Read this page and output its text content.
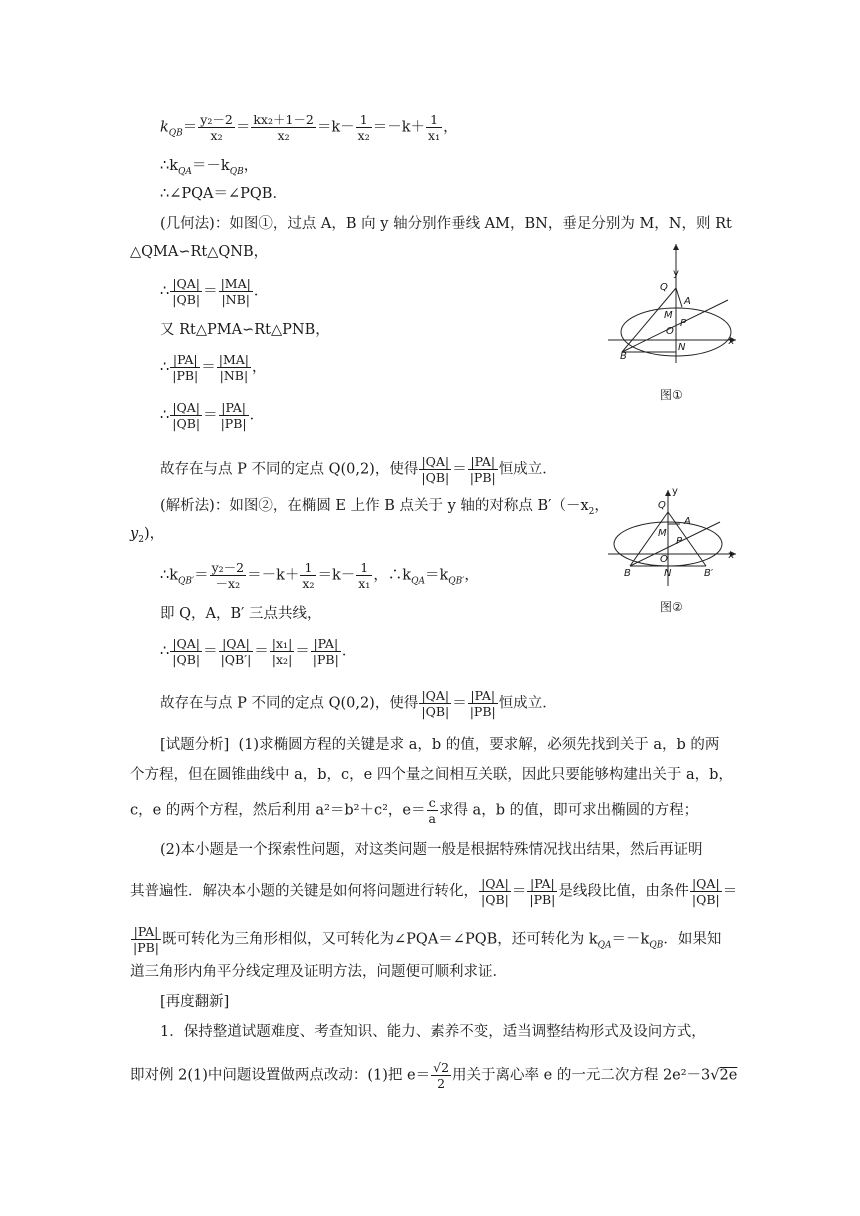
$k_{QB}= \frac{\text{y₂－2}}{\text{x₂}} = \frac{\text{kx₂＋1－2}}{\text{x₂}} =k- \frac{1}{\text{x₂}} =-k+ \frac{1}{\text{x₁}}$ ，
$\therefore k_{QA}=-k_{QB}$，
∴∠PQA＝∠PQB．
(几何法)：如图①，过点 A，B 向 y 轴分别作垂线 AM，BN，垂足分别为 M，N，则 Rt
△QMA∽Rt△QNB，
∴ $\frac{|QA|}{|QB|} = \frac{|MA|}{|NB|}$ ．
又 Rt△PMA∽Rt△PNB，
∴ $\frac{|PA|}{|PB|} = \frac{|MA|}{|NB|}$ ，
∴ $\frac{|QA|}{|QB|} = \frac{|PA|}{|PB|}$ ．
故存在与点 P 不同的定点 Q(0,2)，使得 $\frac{|QA|}{|QB|} = \frac{|PA|}{|PB|}$ 恒成立．
(解析法)：如图②，在椭圆 E 上作 B 点关于 y 轴的对称点 $B'(-x_2$，
$y_2$)，
$\therefore k_{QB'}= \frac{\text{y₂－2}}{\text{－x₂}} =-k+ \frac{1}{\text{x₂}} =k- \frac{1}{\text{x₁}}$ ，$\therefore k_{QA}=k_{QB'}$，
即 Q，A，B′ 三点共线，
∴ $\frac{|QA|}{|QB|} = \frac{|QA|}{|QB'|} = \frac{\text{|x₁|}}{\text{|x₂|}} = \frac{|PA|}{|PB|}$ ．
故存在与点 P 不同的定点 Q(0,2)，使得 $\frac{|QA|}{|QB|} = \frac{|PA|}{|PB|}$ 恒成立．
[试题分析] (1)求椭圆方程的关键是求 a，b 的值，要求解，必须先找到关于 a，b 的两
个方程，但在圆锥曲线中 a，b，c，e 四个量之间相互关联，因此只要能够构建出关于 a，b，
c，e 的两个方程，然后利用 a²＝b²＋c²，$e= \frac{c}{a}$ 求得 a，b 的值，即可求出椭圆的方程；
(2)本小题是一个探索性问题，对这类问题一般是根据特殊情况找出结果，然后再证明
其普遍性．解决本小题的关键是如何将问题进行转化， $\frac{|QA|}{|QB|} = \frac{|PA|}{|PB|}$ 是线段比值，由条件 $\frac{|QA|}{|QB|}$ ＝
$\frac{|PA|}{|PB|}$ 既可转化为三角形相似，又可转化为∠PQA＝∠PQB，还可转化为 $k_{QA}=-k_{QB}$．如果知
道三角形内角平分线定理及证明方法，问题便可顺利求证．
[再度翻新]
1．保持整道试题难度、考查知识、能力、素养不变，适当调整结构形式及设问方式，
即对例 2(1)中问题设置做两点改动：(1)把 $e= \frac{√2}{2}$ 用关于离心率 e 的一元二次方程 2e²－3√2e
y
x
Q
A
M
P
O
N
B
图①
y
x
Q
A
M
P
O
B	N	B′
图②
